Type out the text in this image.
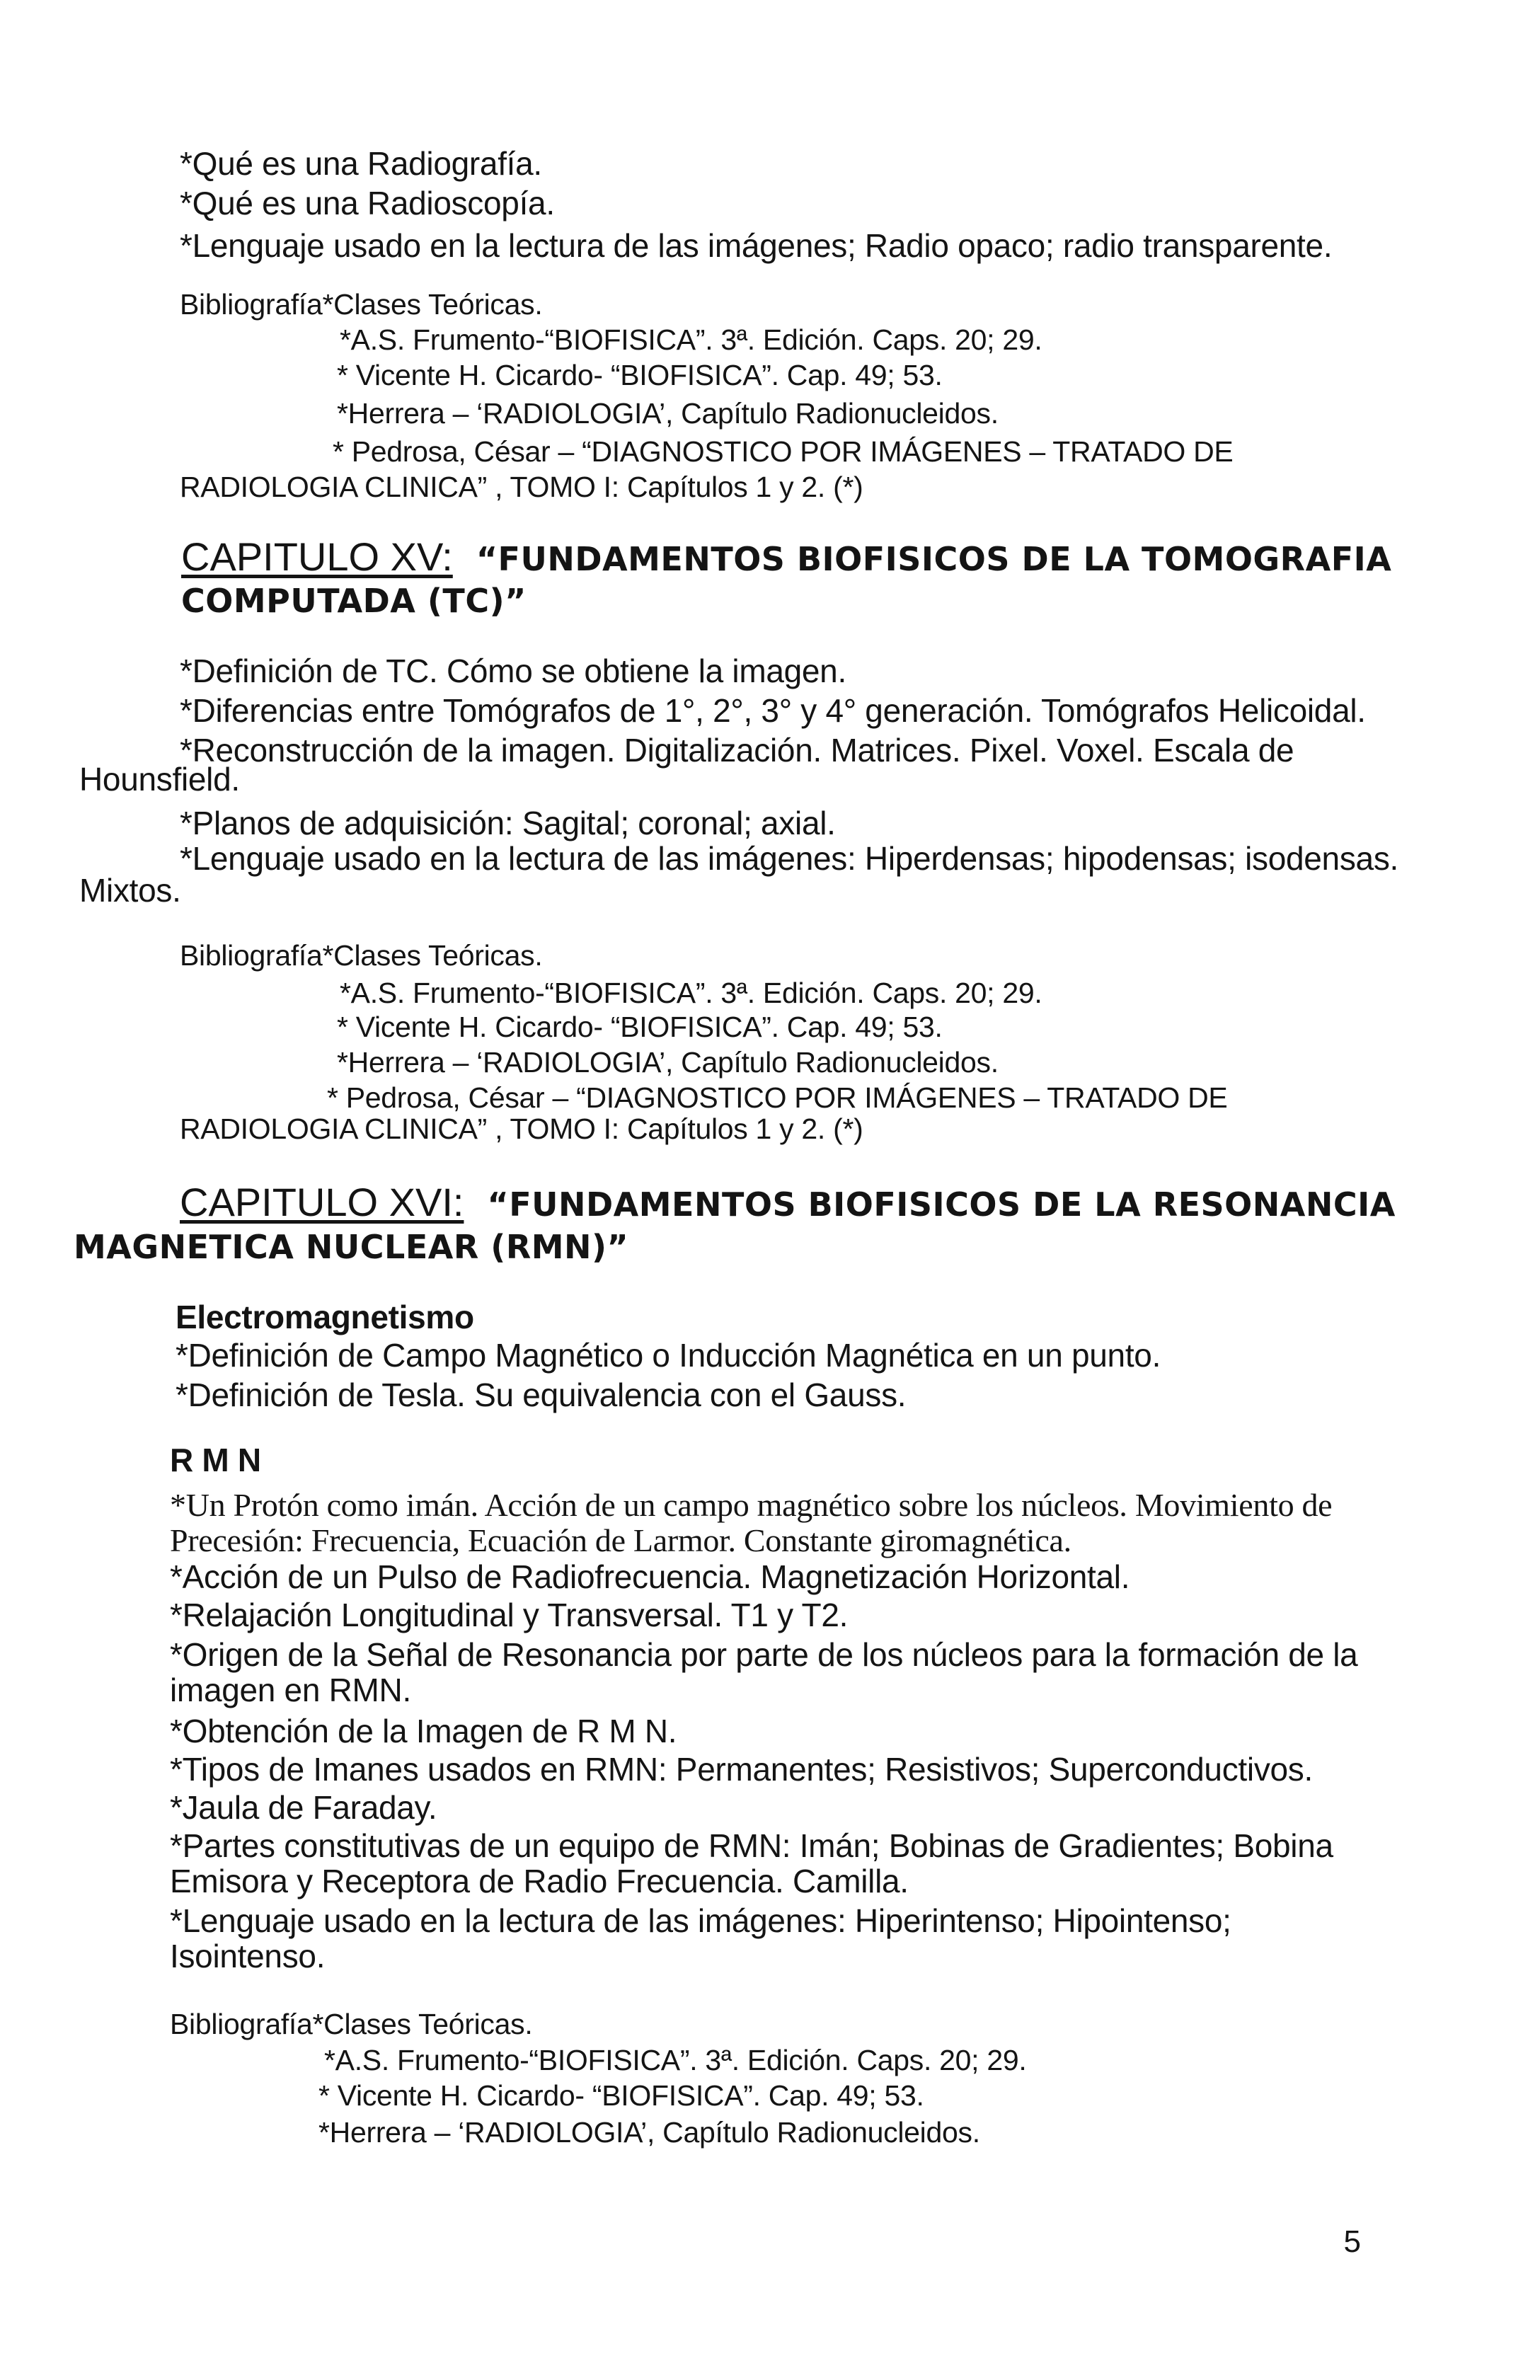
*Qué es una Radiografía.
*Qué es una Radioscopía.
*Lenguaje usado en la lectura de las imágenes; Radio opaco; radio transparente.
Bibliografía*Clases Teóricas.
*A.S. Frumento-“BIOFISICA”. 3ª. Edición. Caps. 20; 29.
* Vicente H. Cicardo- “BIOFISICA”. Cap. 49; 53.
*Herrera – ‘RADIOLOGIA’, Capítulo Radionucleidos.
* Pedrosa, César – “DIAGNOSTICO POR IMÁGENES – TRATADO DE
RADIOLOGIA CLINICA” , TOMO I: Capítulos 1 y 2. (*)
CAPITULO XV: “FUNDAMENTOS BIOFISICOS DE LA TOMOGRAFIA
COMPUTADA (TC)”
*Definición de TC. Cómo se obtiene la imagen.
*Diferencias entre Tomógrafos de 1°, 2°, 3° y 4° generación. Tomógrafos Helicoidal.
*Reconstrucción de la imagen. Digitalización. Matrices. Pixel. Voxel. Escala de
Hounsfield.
*Planos de adquisición: Sagital; coronal; axial.
*Lenguaje usado en la lectura de las imágenes: Hiperdensas; hipodensas; isodensas.
Mixtos.
Bibliografía*Clases Teóricas.
*A.S. Frumento-“BIOFISICA”. 3ª. Edición. Caps. 20; 29.
* Vicente H. Cicardo- “BIOFISICA”. Cap. 49; 53.
*Herrera – ‘RADIOLOGIA’, Capítulo Radionucleidos.
* Pedrosa, César – “DIAGNOSTICO POR IMÁGENES – TRATADO DE
RADIOLOGIA CLINICA” , TOMO I: Capítulos 1 y 2. (*)
CAPITULO XVI: “FUNDAMENTOS BIOFISICOS DE LA RESONANCIA
MAGNETICA NUCLEAR (RMN)”
Electromagnetismo
*Definición de Campo Magnético o Inducción Magnética en un punto.
*Definición de Tesla. Su equivalencia con el Gauss.
R M N
*Un Protón como imán. Acción de un campo magnético sobre los núcleos. Movimiento de
Precesión: Frecuencia, Ecuación de Larmor. Constante giromagnética.
*Acción de un Pulso de Radiofrecuencia. Magnetización Horizontal.
*Relajación Longitudinal y Transversal. T1 y T2.
*Origen de la Señal de Resonancia por parte de los núcleos para la formación de la
imagen en RMN.
*Obtención de la Imagen de R M N.
*Tipos de Imanes usados en RMN: Permanentes; Resistivos; Superconductivos.
*Jaula de Faraday.
*Partes constitutivas de un equipo de RMN: Imán; Bobinas de Gradientes; Bobina
Emisora y Receptora de Radio Frecuencia. Camilla.
*Lenguaje usado en la lectura de las imágenes: Hiperintenso; Hipointenso;
Isointenso.
Bibliografía*Clases Teóricas.
*A.S. Frumento-“BIOFISICA”. 3ª. Edición. Caps. 20; 29.
* Vicente H. Cicardo- “BIOFISICA”. Cap. 49; 53.
*Herrera – ‘RADIOLOGIA’, Capítulo Radionucleidos.
5
